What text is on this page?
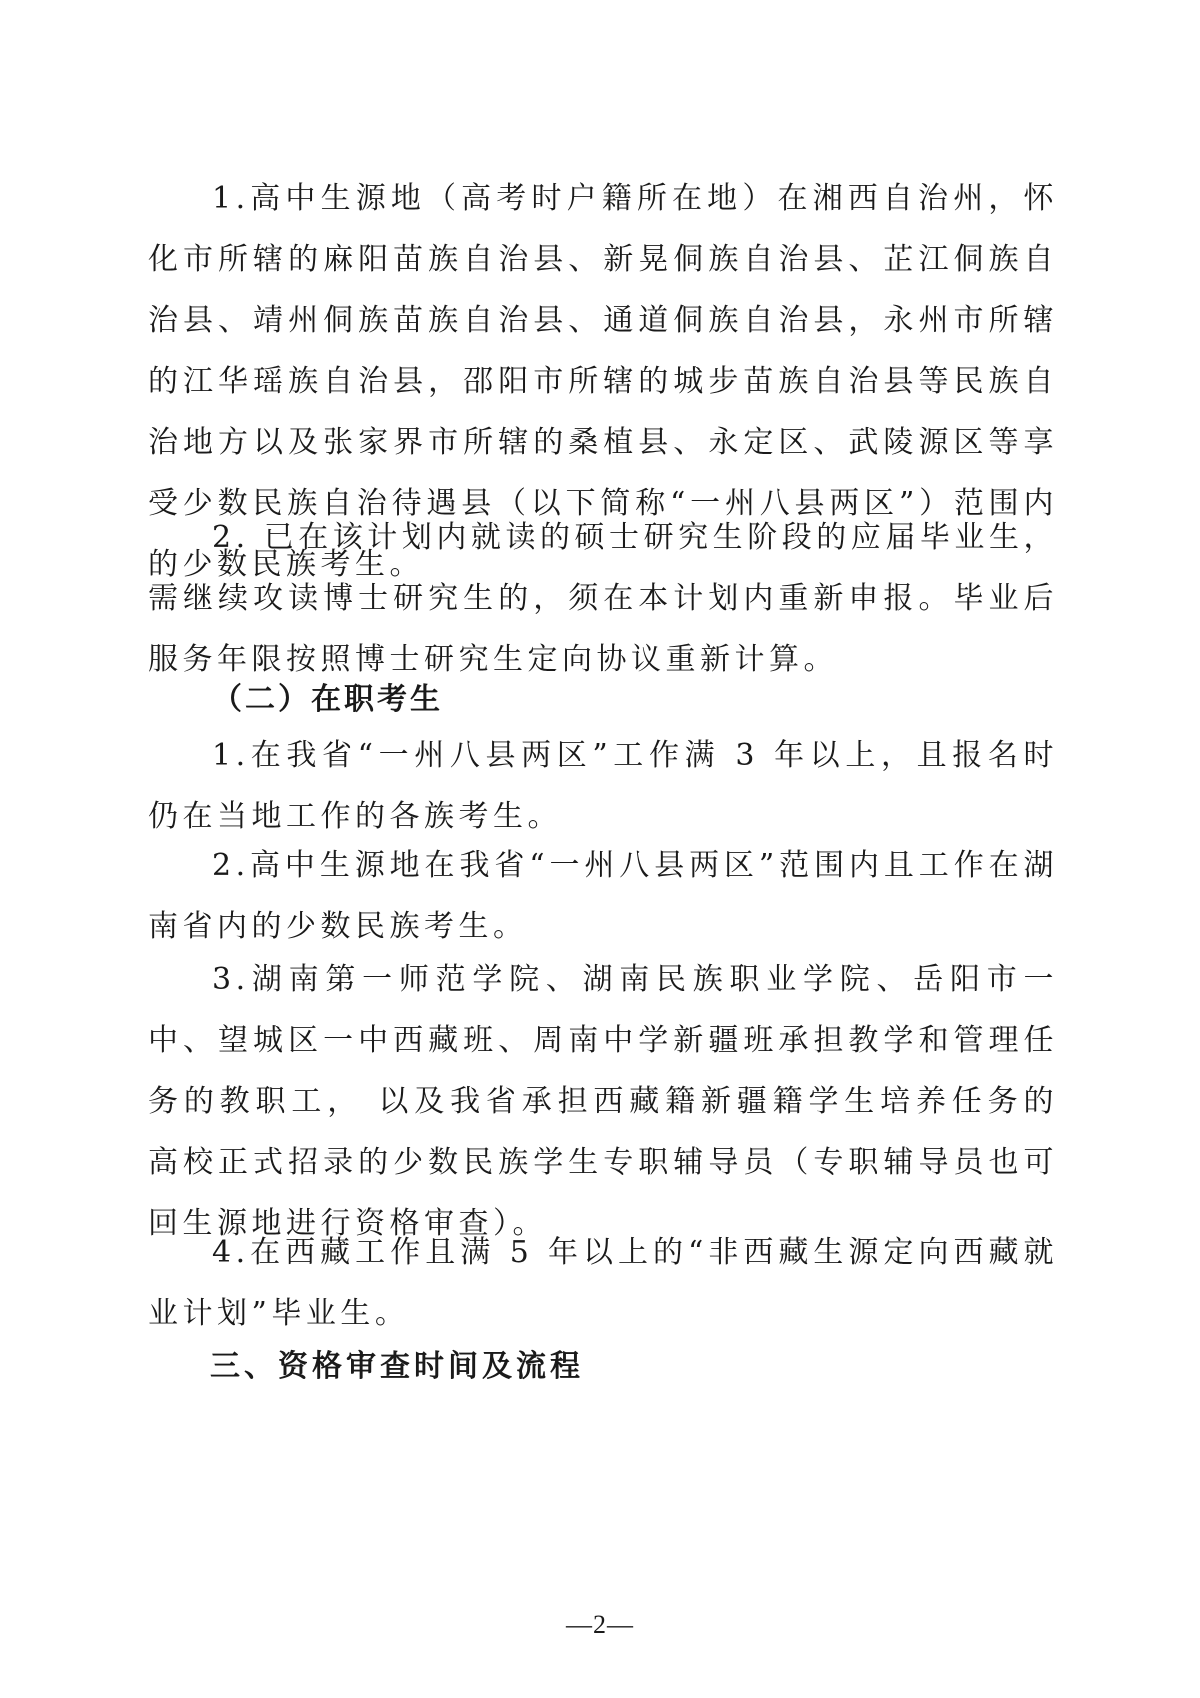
1.高中生源地（高考时户籍所在地）在湘西自治州，怀化市所辖的麻阳苗族自治县、新晃侗族自治县、芷江侗族自治县、靖州侗族苗族自治县、通道侗族自治县，永州市所辖的江华瑶族自治县，邵阳市所辖的城步苗族自治县等民族自治地方以及张家界市所辖的桑植县、永定区、武陵源区等享受少数民族自治待遇县（以下简称“一州八县两区”）范围内的少数民族考生。

2. 已在该计划内就读的硕士研究生阶段的应届毕业生，需继续攻读博士研究生的，须在本计划内重新申报。毕业后服务年限按照博士研究生定向协议重新计算。

（二）在职考生

1.在我省“一州八县两区”工作满 3 年以上，且报名时仍在当地工作的各族考生。

2.高中生源地在我省“一州八县两区”范围内且工作在湖南省内的少数民族考生。

3.湖南第一师范学院、湖南民族职业学院、岳阳市一中、望城区一中西藏班、周南中学新疆班承担教学和管理任务的教职工， 以及我省承担西藏籍新疆籍学生培养任务的高校正式招录的少数民族学生专职辅导员（专职辅导员也可回生源地进行资格审查）。

4.在西藏工作且满 5 年以上的“非西藏生源定向西藏就业计划”毕业生。

三、资格审查时间及流程

—2—
